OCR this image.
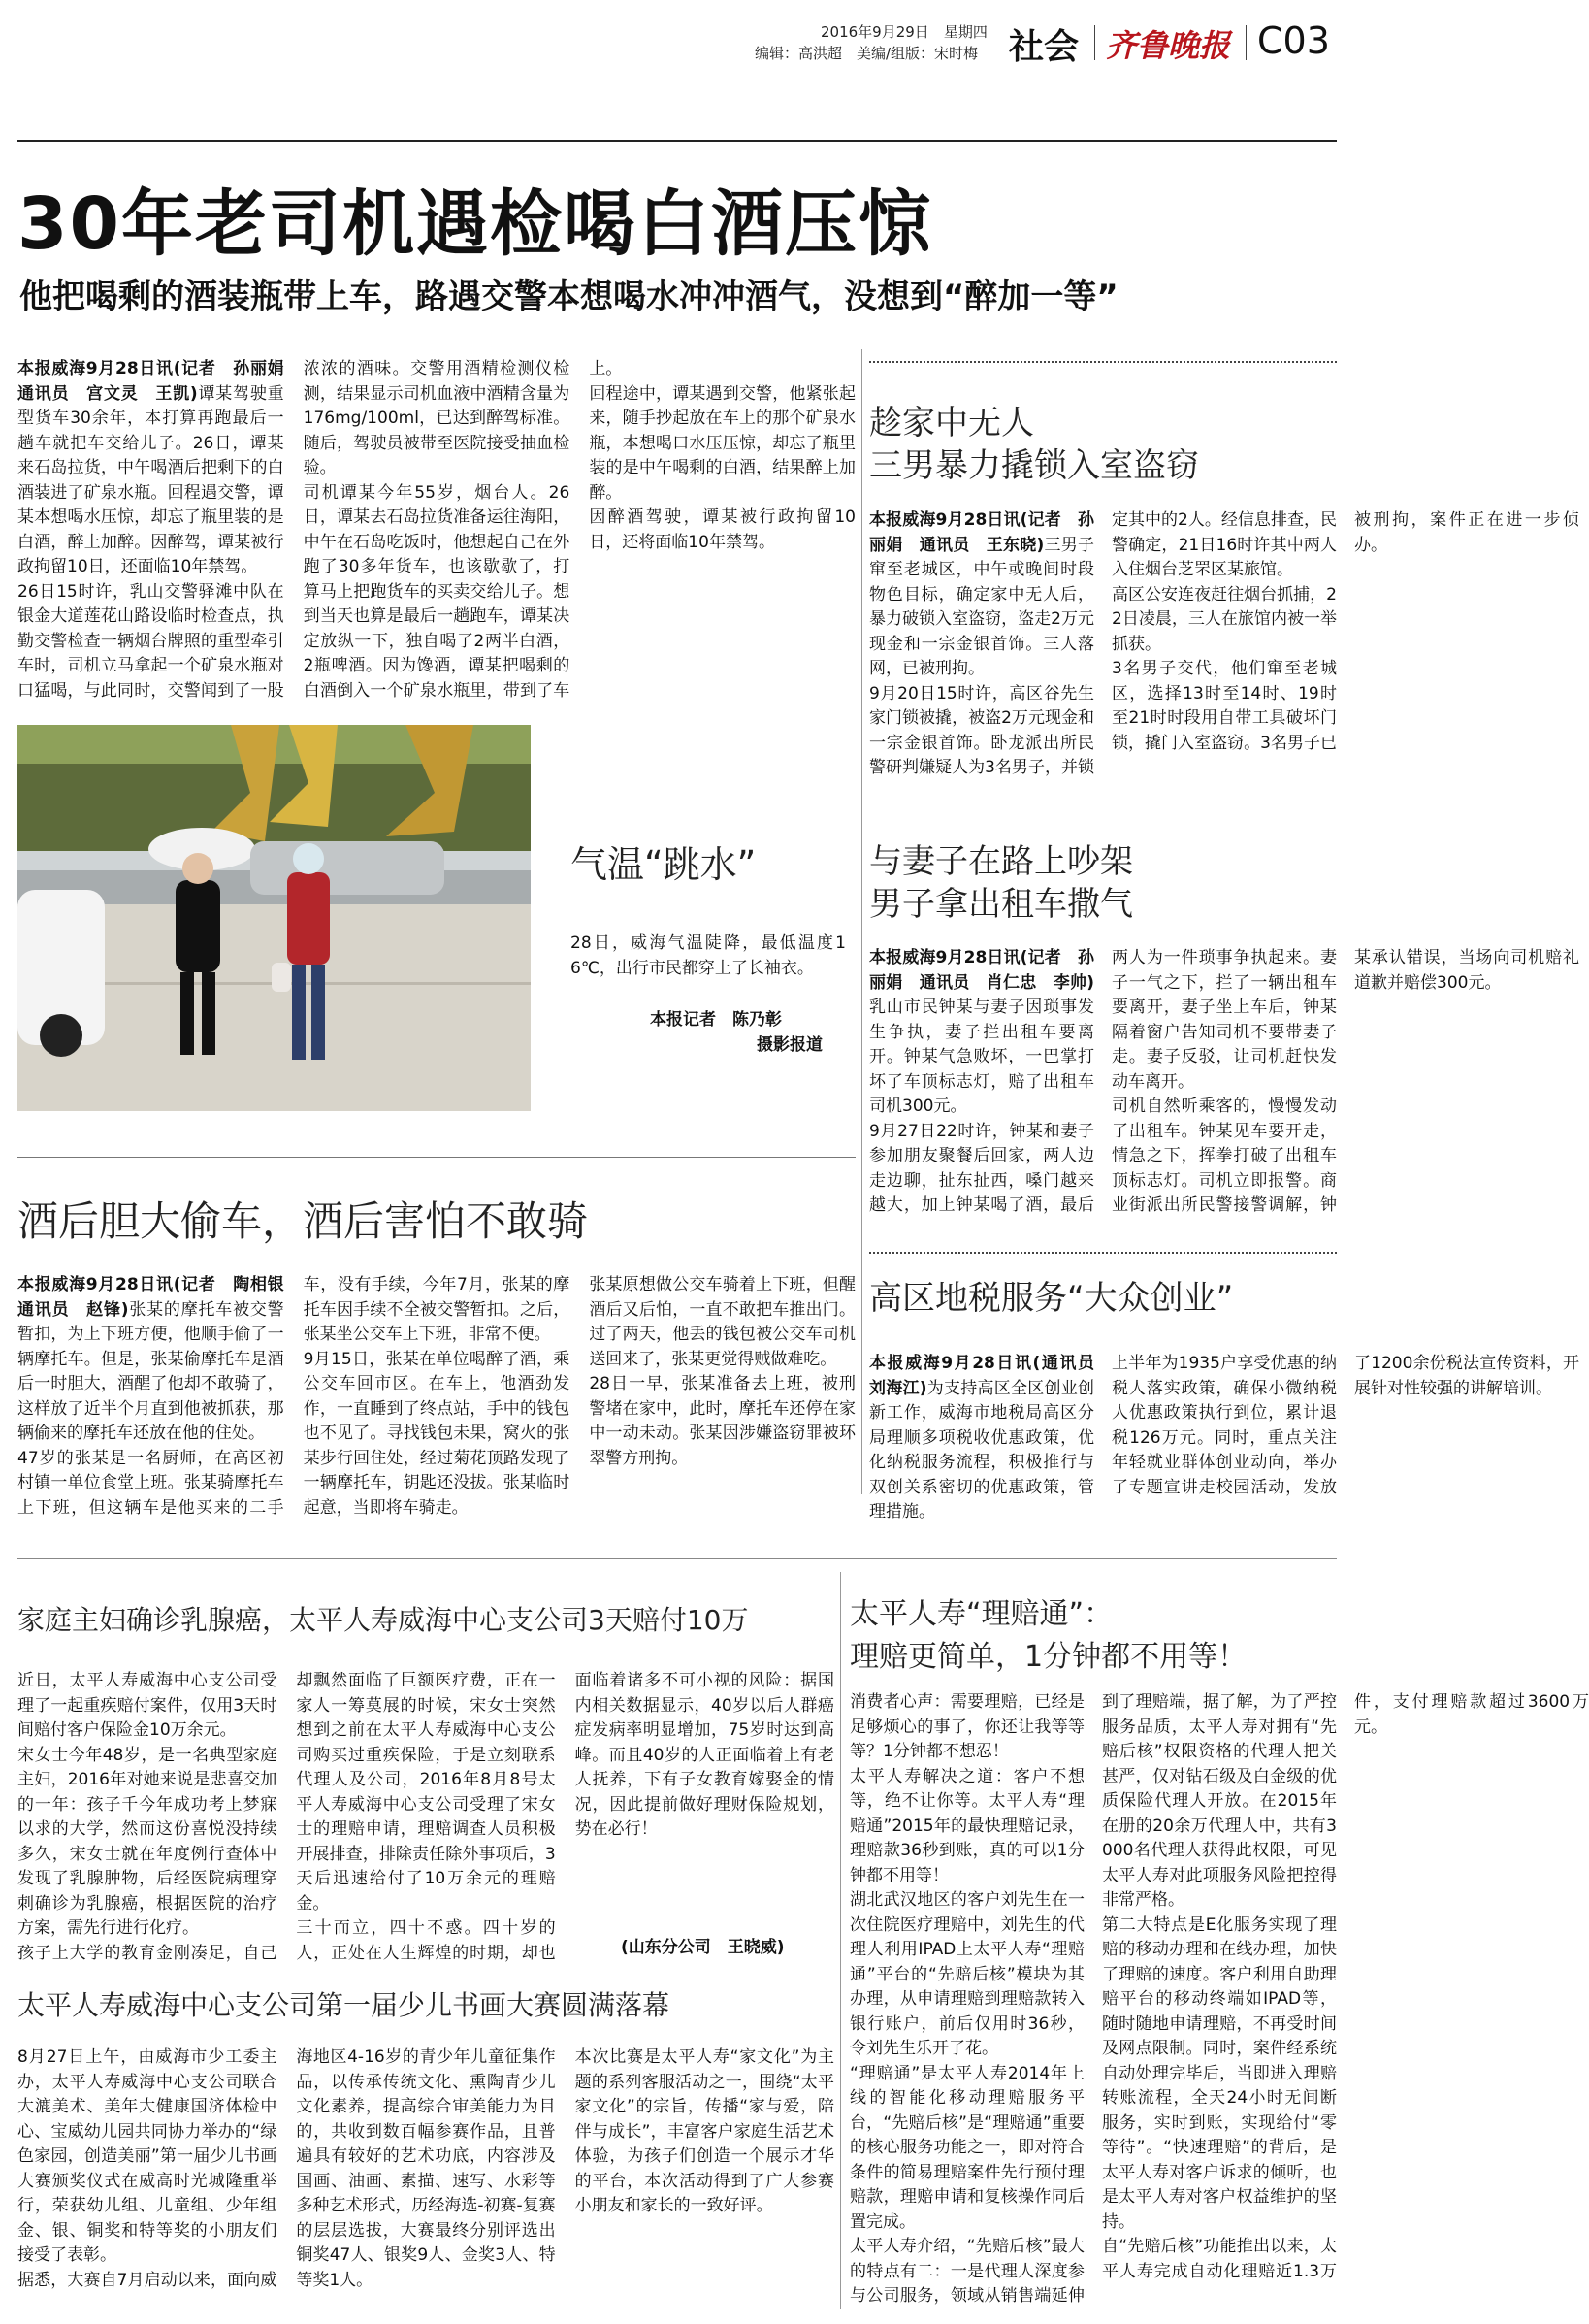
2016年9月29日　 星期四
编辑：高洪超　美编/组版：宋时梅 社会 齐鲁晚报 C03
30年老司机遇检喝白酒压惊
他把喝剩的酒装瓶带上车，路遇交警本想喝水冲冲酒气，没想到“醉加一等”
本报威海9月28日讯(记者　孙丽娟　通讯员　宫文灵　王凯)谭某驾驶重型货车30余年，本打算再跑最后一趟车就把车交给儿子。26日，谭某来石岛拉货，中午喝酒后把剩下的白酒装进了矿泉水瓶。回程遇交警，谭某本想喝水压惊，却忘了瓶里装的是白酒，醉上加醉。因醉驾，谭某被行政拘留10日，还面临10年禁驾。
26日15时许，乳山交警驿滩中队在银金大道莲花山路设临时检查点，执勤交警检查一辆烟台牌照的重型牵引车时，司机立马拿起一个矿泉水瓶对口猛喝，与此同时，交警闻到了一股浓浓的酒味。交警用酒精检测仪检测，结果显示司机血液中酒精含量为176mg/100ml，已达到醉驾标准。随后，驾驶员被带至医院接受抽血检验。
司机谭某今年55岁，烟台人。26日，谭某去石岛拉货准备运往海阳，中午在石岛吃饭时，他想起自己在外跑了30多年货车，也该歇歇了，打算马上把跑货车的买卖交给儿子。想到当天也算是最后一趟跑车，谭某决定放纵一下，独自喝了2两半白酒，2瓶啤酒。因为馋酒，谭某把喝剩的白酒倒入一个矿泉水瓶里，带到了车上。
回程途中，谭某遇到交警，他紧张起来，随手抄起放在车上的那个矿泉水瓶，本想喝口水压压惊，却忘了瓶里装的是中午喝剩的白酒，结果醉上加醉。
因醉酒驾驶，谭某被行政拘留10日，还将面临10年禁驾。
气温“跳水”
28日，威海气温陡降，最低温度16℃，出行市民都穿上了长袖衣。
本报记者　陈乃彰
摄影报道
趁家中无人
三男暴力撬锁入室盗窃
本报威海9月28日讯(记者　孙丽娟　通讯员　王东晓)三男子窜至老城区，中午或晚间时段物色目标，确定家中无人后，暴力破锁入室盗窃，盗走2万元现金和一宗金银首饰。三人落网，已被刑拘。
9月20日15时许，高区谷先生家门锁被撬，被盗2万元现金和一宗金银首饰。卧龙派出所民警研判嫌疑人为3名男子，并锁定其中的2人。经信息排查，民警确定，21日16时许其中两人入住烟台芝罘区某旅馆。
高区公安连夜赶往烟台抓捕，22日凌晨，三人在旅馆内被一举抓获。
3名男子交代，他们窜至老城区，选择13时至14时、19时至21时时段用自带工具破坏门锁，撬门入室盗窃。3名男子已被刑拘，案件正在进一步侦办。
与妻子在路上吵架
男子拿出租车撒气
本报威海9月28日讯(记者　孙丽娟　通讯员　肖仁忠　李帅)乳山市民钟某与妻子因琐事发生争执，妻子拦出租车要离开。钟某气急败坏，一巴掌打坏了车顶标志灯，赔了出租车司机300元。
9月27日22时许，钟某和妻子参加朋友聚餐后回家，两人边走边聊，扯东扯西，嗓门越来越大，加上钟某喝了酒，最后两人为一件琐事争执起来。妻子一气之下，拦了一辆出租车要离开，妻子坐上车后，钟某隔着窗户告知司机不要带妻子走。妻子反驳，让司机赶快发动车离开。
司机自然听乘客的，慢慢发动了出租车。钟某见车要开走，情急之下，挥拳打破了出租车顶标志灯。司机立即报警。商业街派出所民警接警调解，钟某承认错误，当场向司机赔礼道歉并赔偿300元。
酒后胆大偷车，酒后害怕不敢骑
本报威海9月28日讯(记者　陶相银　通讯员　赵锋)张某的摩托车被交警暂扣，为上下班方便，他顺手偷了一辆摩托车。但是，张某偷摩托车是酒后一时胆大，酒醒了他却不敢骑了，这样放了近半个月直到他被抓获，那辆偷来的摩托车还放在他的住处。
47岁的张某是一名厨师，在高区初村镇一单位食堂上班。张某骑摩托车上下班，但这辆车是他买来的二手车，没有手续，今年7月，张某的摩托车因手续不全被交警暂扣。之后，张某坐公交车上下班，非常不便。
9月15日，张某在单位喝醉了酒，乘公交车回市区。在车上，他酒劲发作，一直睡到了终点站，手中的钱包也不见了。寻找钱包未果，窝火的张某步行回住处，经过菊花顶路发现了一辆摩托车，钥匙还没拔。张某临时起意，当即将车骑走。
张某原想做公交车骑着上下班，但醒酒后又后怕，一直不敢把车推出门。过了两天，他丢的钱包被公交车司机送回来了，张某更觉得贼做难吃。
28日一早，张某准备去上班，被刑警堵在家中，此时，摩托车还停在家中一动未动。张某因涉嫌盗窃罪被环翠警方刑拘。
高区地税服务“大众创业”
本报威海9月28日讯(通讯员　刘海江)为支持高区全区创业创新工作，威海市地税局高区分局理顺多项税收优惠政策，优化纳税服务流程，积极推行与双创关系密切的优惠政策，管理措施。
上半年为1935户享受优惠的纳税人落实政策，确保小微纳税人优惠政策执行到位，累计退税126万元。同时，重点关注年轻就业群体创业动向，举办了专题宣讲走校园活动，发放了1200余份税法宣传资料，开展针对性较强的讲解培训。
家庭主妇确诊乳腺癌，太平人寿威海中心支公司3天赔付10万
近日，太平人寿威海中心支公司受理了一起重疾赔付案件，仅用3天时间赔付客户保险金10万余元。
宋女士今年48岁，是一名典型家庭主妇，2016年对她来说是悲喜交加的一年：孩子千今年成功考上梦寐以求的大学，然而这份喜悦没持续多久，宋女士就在年度例行查体中发现了乳腺肿物，后经医院病理穿刺确诊为乳腺癌，根据医院的治疗方案，需先行进行化疗。
孩子上大学的教育金刚凑足，自己却飘然面临了巨额医疗费，正在一家人一筹莫展的时候，宋女士突然想到之前在太平人寿威海中心支公司购买过重疾保险，于是立刻联系代理人及公司，2016年8月8号太平人寿威海中心支公司受理了宋女士的理赔申请，理赔调查人员积极开展排查，排除责任除外事项后，3天后迅速给付了10万余元的理赔金。
三十而立，四十不惑。四十岁的人，正处在人生辉煌的时期，却也面临着诸多不可小视的风险：据国内相关数据显示，40岁以后人群癌症发病率明显增加，75岁时达到高峰。而且40岁的人正面临着上有老人抚养，下有子女教育嫁娶金的情况，因此提前做好理财保险规划，势在必行！
(山东分公司　王晓威)
太平人寿威海中心支公司第一届少儿书画大赛圆满落幕
8月27日上午，由威海市少工委主办，太平人寿威海中心支公司联合大漉美术、美年大健康国济体检中心、宝威幼儿园共同协力举办的“绿色家园，创造美丽”第一届少儿书画大赛颁奖仪式在威高时光城隆重举行，荣获幼儿组、儿童组、少年组金、银、铜奖和特等奖的小朋友们接受了表彰。
据悉，大赛自7月启动以来，面向威海地区4-16岁的青少年儿童征集作品，以传承传统文化、熏陶青少儿文化素养，提高综合审美能力为目的，共收到数百幅参赛作品，且普遍具有较好的艺术功底，内容涉及国画、油画、素描、速写、水彩等多种艺术形式，历经海选-初赛-复赛的层层选拔，大赛最终分别评选出铜奖47人、银奖9人、金奖3人、特等奖1人。
本次比赛是太平人寿“家文化”为主题的系列客服活动之一，围绕“太平家文化”的宗旨，传播“家与爱，陪伴与成长”，丰富客户家庭生活艺术体验，为孩子们创造一个展示才华的平台，本次活动得到了广大参赛小朋友和家长的一致好评。
太平人寿“理赔通”：
理赔更简单，1分钟都不用等！
消费者心声：需要理赔，已经是足够烦心的事了，你还让我等等等？1分钟都不想忍！
太平人寿解决之道：客户不想等，绝不让你等。太平人寿“理赔通”2015年的最快理赔记录，理赔款36秒到账，真的可以1分钟都不用等！
湖北武汉地区的客户刘先生在一次住院医疗理赔中，刘先生的代理人利用IPAD上太平人寿“理赔通”平台的“先赔后核”模块为其办理，从申请理赔到理赔款转入银行账户，前后仅用时36秒，令刘先生乐开了花。
“理赔通”是太平人寿2014年上线的智能化移动理赔服务平台，“先赔后核”是“理赔通”重要的核心服务功能之一，即对符合条件的简易理赔案件先行预付理赔款，理赔申请和复核操作同后置完成。
太平人寿介绍，“先赔后核”最大的特点有二：一是代理人深度参与公司服务，领域从销售端延伸到了理赔端，据了解，为了严控服务品质，太平人寿对拥有“先赔后核”权限资格的代理人把关甚严，仅对钻石级及白金级的优质保险代理人开放。在2015年在册的20余万代理人中，共有3000名代理人获得此权限，可见太平人寿对此项服务风险把控得非常严格。
第二大特点是E化服务实现了理赔的移动办理和在线办理，加快了理赔的速度。客户利用自助理赔平台的移动终端如IPAD等，随时随地申请理赔，不再受时间及网点限制。同时，案件经系统自动处理完毕后，当即进入理赔转账流程，全天24小时无间断服务，实时到账，实现给付“零等待”。“快速理赔”的背后，是太平人寿对客户诉求的倾听，也是太平人寿对客户权益维护的坚持。
自“先赔后核”功能推出以来，太平人寿完成自动化理赔近1.3万件，支付理赔款超过3600万元。
